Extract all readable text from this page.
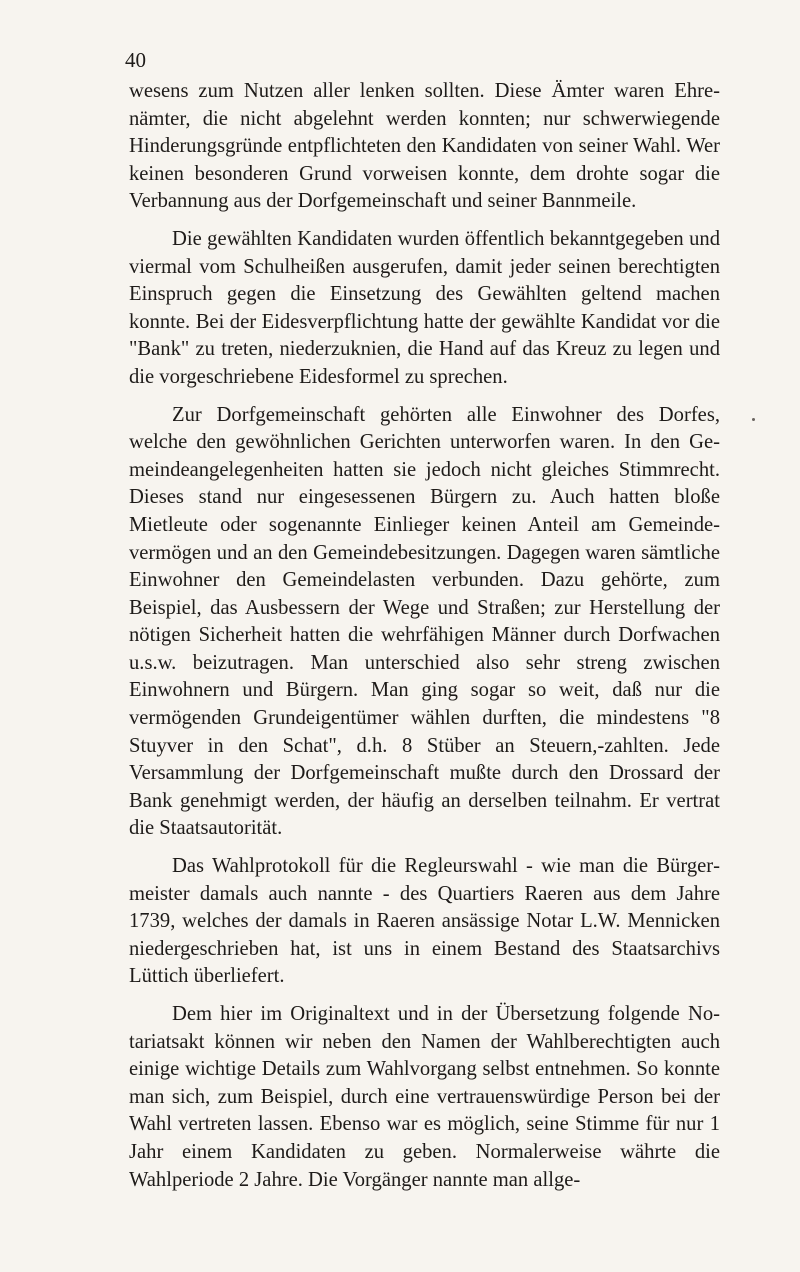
40

wesens zum Nutzen aller lenken sollten. Diese Ämter waren Ehrenämter, die nicht abgelehnt werden konnten; nur schwerwiegende Hinderungsgründe entpflichteten den Kandidaten von seiner Wahl. Wer keinen besonderen Grund vorweisen konnte, dem drohte sogar die Verbannung aus der Dorfgemeinschaft und seiner Bannmeile.

Die gewählten Kandidaten wurden öffentlich bekanntgegeben und viermal vom Schulheißen ausgerufen, damit jeder seinen berechtigten Einspruch gegen die Einsetzung des Gewählten geltend machen konnte. Bei der Eidesverpflichtung hatte der gewählte Kandidat vor die "Bank" zu treten, niederzuknien, die Hand auf das Kreuz zu legen und die vorgeschriebene Eidesformel zu sprechen.

Zur Dorfgemeinschaft gehörten alle Einwohner des Dorfes, welche den gewöhnlichen Gerichten unterworfen waren. In den Gemeindeangelegenheiten hatten sie jedoch nicht gleiches Stimmrecht. Dieses stand nur eingesessenen Bürgern zu. Auch hatten bloße Mietleute oder sogenannte Einlieger keinen Anteil am Gemeindevermögen und an den Gemeindebesitzungen. Dagegen waren sämtliche Einwohner den Gemeindelasten verbunden. Dazu gehörte, zum Beispiel, das Ausbessern der Wege und Straßen; zur Herstellung der nötigen Sicherheit hatten die wehrfähigen Männer durch Dorfwachen u.s.w. beizutragen. Man unterschied also sehr streng zwischen Einwohnern und Bürgern. Man ging sogar so weit, daß nur die vermögenden Grundeigentümer wählen durften, die mindestens "8 Stuyver in den Schat", d.h. 8 Stüber an Steuern,-zahlten. Jede Versammlung der Dorfgemeinschaft mußte durch den Drossard der Bank genehmigt werden, der häufig an derselben teilnahm. Er vertrat die Staatsautorität.

Das Wahlprotokoll für die Regleurswahl - wie man die Bürgermeister damals auch nannte - des Quartiers Raeren aus dem Jahre 1739, welches der damals in Raeren ansässige Notar L.W. Mennicken niedergeschrieben hat, ist uns in einem Bestand des Staatsarchivs Lüttich überliefert.

Dem hier im Originaltext und in der Übersetzung folgende Notariatsakt können wir neben den Namen der Wahlberechtigten auch einige wichtige Details zum Wahlvorgang selbst entnehmen. So konnte man sich, zum Beispiel, durch eine vertrauenswürdige Person bei der Wahl vertreten lassen. Ebenso war es möglich, seine Stimme für nur 1 Jahr einem Kandidaten zu geben. Normalerweise währte die Wahlperiode 2 Jahre. Die Vorgänger nannte man allge-
